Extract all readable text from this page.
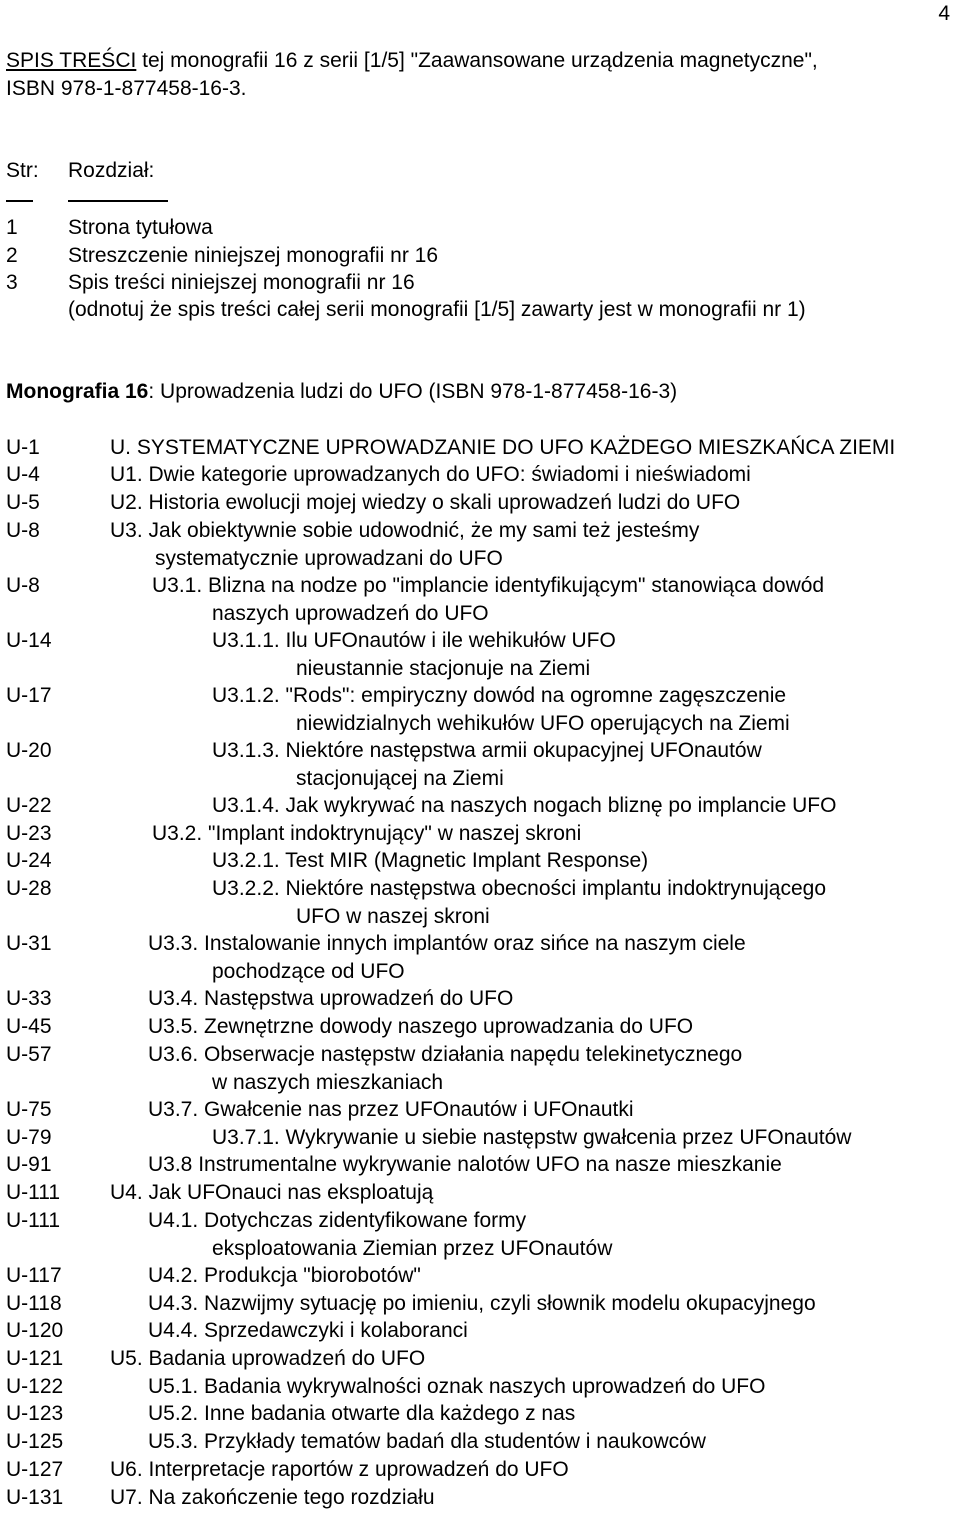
4
SPIS TREŚCI tej monografii 16 z serii [1/5] "Zaawansowane urządzenia magnetyczne",
ISBN 978-1-877458-16-3.
Str: Rozdział:
1 Strona tytułowa
2 Streszczenie niniejszej monografii nr 16
3 Spis treści niniejszej monografii nr 16
(odnotuj że spis treści całej serii monografii [1/5] zawarty jest w monografii nr 1)
Monografia 16: Uprowadzenia ludzi do UFO (ISBN 978-1-877458-16-3)
U-1	U. SYSTEMATYCZNE UPROWADZANIE DO UFO KAŻDEGO MIESZKAŃCA ZIEMI
U-4	U1. Dwie kategorie uprowadzanych do UFO: świadomi i nieświadomi
U-5	U2. Historia ewolucji mojej wiedzy o skali uprowadzeń ludzi do UFO
U-8	U3. Jak obiektywnie sobie udowodnić, że my sami też jesteśmy
systematycznie uprowadzani do UFO
U-8	U3.1. Blizna na nodze po "implancie identyfikującym" stanowiąca dowód
naszych uprowadzeń do UFO
U-14	U3.1.1. Ilu UFOnautów i ile wehikułów UFO
nieustannie stacjonuje na Ziemi
U-17	U3.1.2. "Rods": empiryczny dowód na ogromne zagęszczenie
niewidzialnych wehikułów UFO operujących na Ziemi
U-20	U3.1.3. Niektóre następstwa armii okupacyjnej UFOnautów
stacjonującej na Ziemi
U-22	U3.1.4. Jak wykrywać na naszych nogach bliznę po implancie UFO
U-23	U3.2. "Implant indoktrynujący" w naszej skroni
U-24	U3.2.1. Test MIR (Magnetic Implant Response)
U-28	U3.2.2. Niektóre następstwa obecności implantu indoktrynującego
UFO w naszej skroni
U-31	U3.3. Instalowanie innych implantów oraz sińce na naszym ciele
pochodzące od UFO
U-33	U3.4. Następstwa uprowadzeń do UFO
U-45	U3.5. Zewnętrzne dowody naszego uprowadzania do UFO
U-57	U3.6. Obserwacje następstw działania napędu telekinetycznego
w naszych mieszkaniach
U-75	U3.7. Gwałcenie nas przez UFOnautów i UFOnautki
U-79	U3.7.1. Wykrywanie u siebie następstw gwałcenia przez UFOnautów
U-91	U3.8 Instrumentalne wykrywanie nalotów UFO na nasze mieszkanie
U-111 U4. Jak UFOnauci nas eksploatują
U-111	U4.1. Dotychczas zidentyfikowane formy
eksploatowania Ziemian przez UFOnautów
U-117	U4.2. Produkcja "biorobotów"
U-118	U4.3. Nazwijmy sytuację po imieniu, czyli słownik modelu okupacyjnego
U-120	U4.4. Sprzedawczyki i kolaboranci
U-121 U5. Badania uprowadzeń do UFO
U-122	U5.1. Badania wykrywalności oznak naszych uprowadzeń do UFO
U-123	U5.2. Inne badania otwarte dla każdego z nas
U-125	U5.3. Przykłady tematów badań dla studentów i naukowców
U-127 U6. Interpretacje raportów z uprowadzeń do UFO
U-131 U7. Na zakończenie tego rozdziału
